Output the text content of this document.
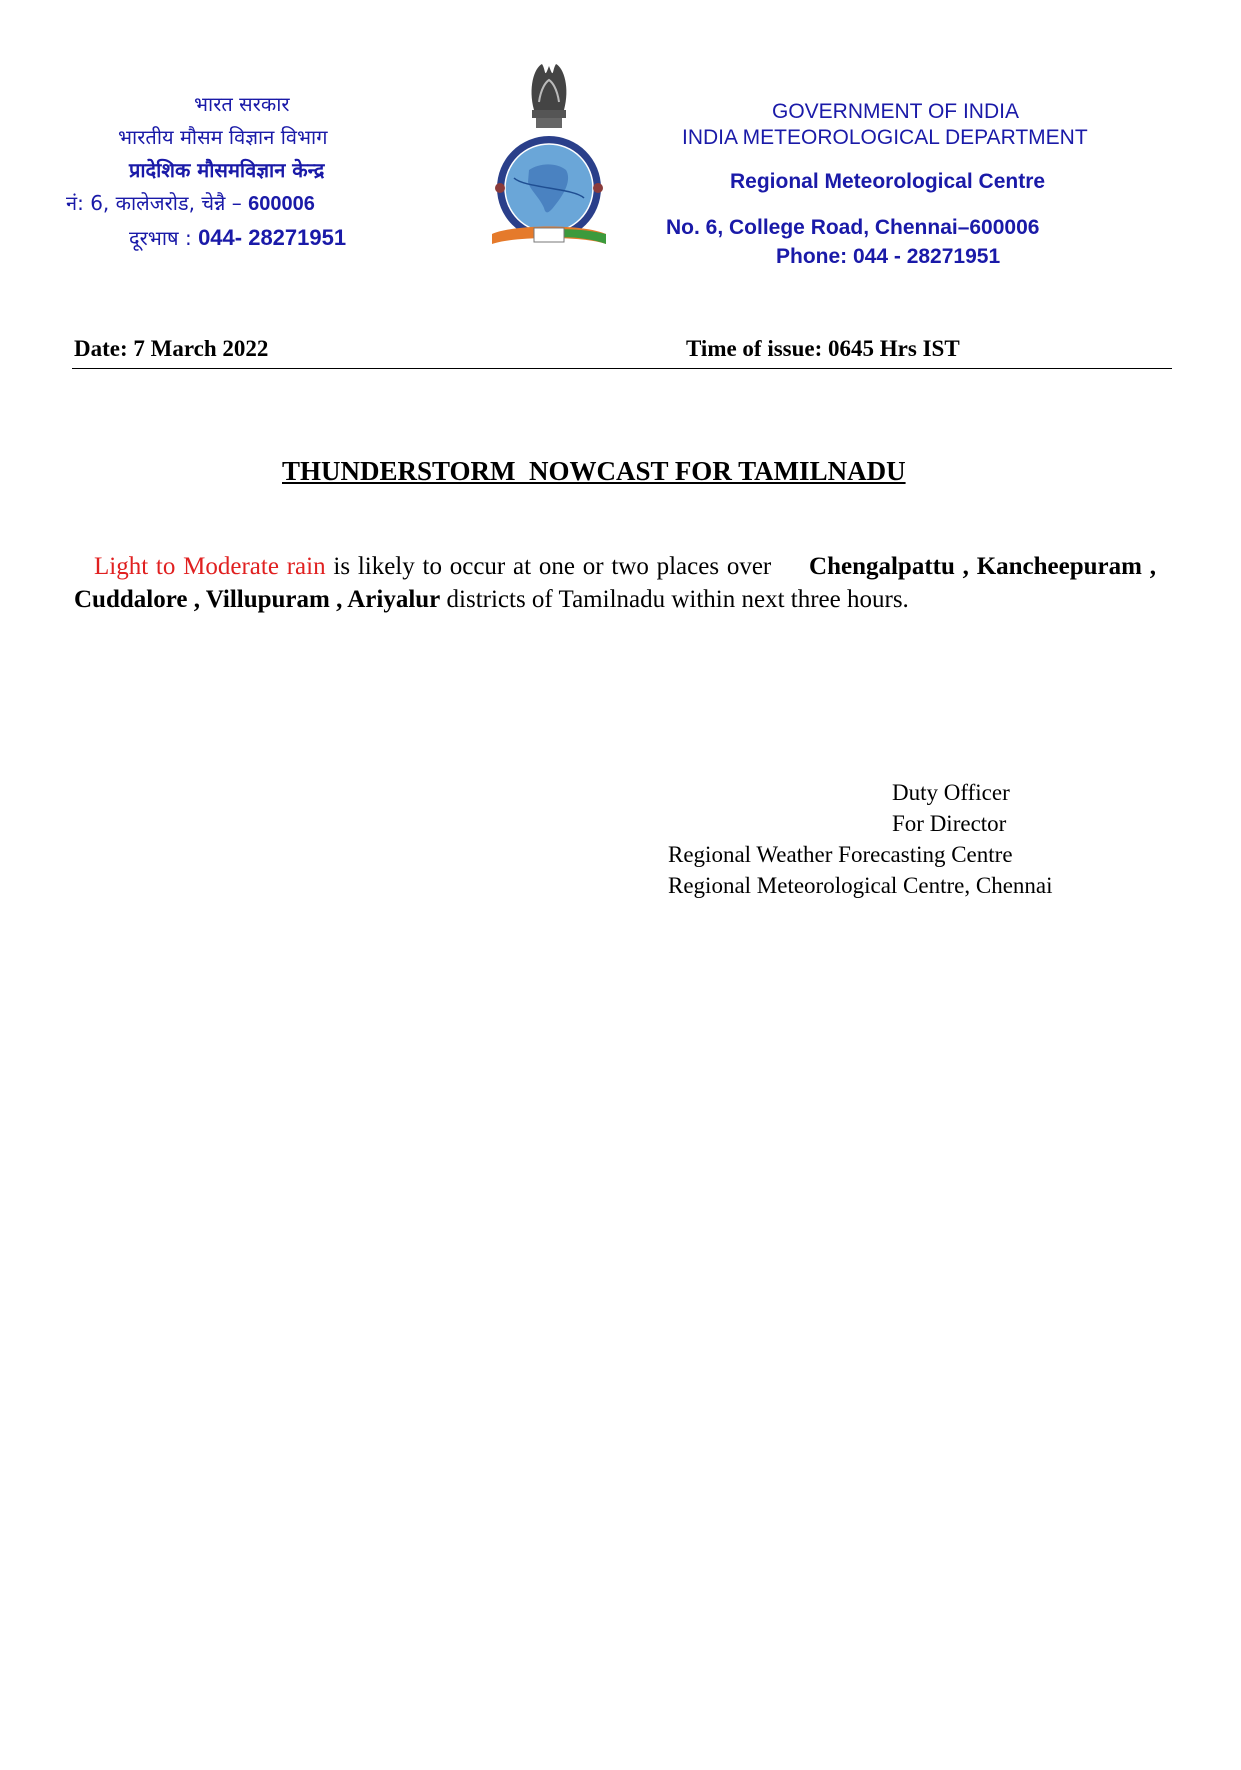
भारत सरकार
भारतीय मौसम विज्ञान विभाग
प्रादेशिक मौसमविज्ञान केन्द्र
नं: 6, कालेजरोड, चेन्नै – 600006
दूरभाष : 044- 28271951
GOVERNMENT OF INDIA
INDIA METEOROLOGICAL DEPARTMENT
Regional Meteorological Centre
No. 6, College Road, Chennai–600006
Phone: 044 - 28271951
Date: 7 March 2022	Time of issue: 0645 Hrs IST
THUNDERSTORM  NOWCAST FOR TAMILNADU
Light to Moderate rain is likely to occur at one or two places over Chengalpattu , Kancheepuram , Cuddalore , Villupuram , Ariyalur districts of Tamilnadu within next three hours.
Duty Officer
For Director
Regional Weather Forecasting Centre
Regional Meteorological Centre, Chennai
